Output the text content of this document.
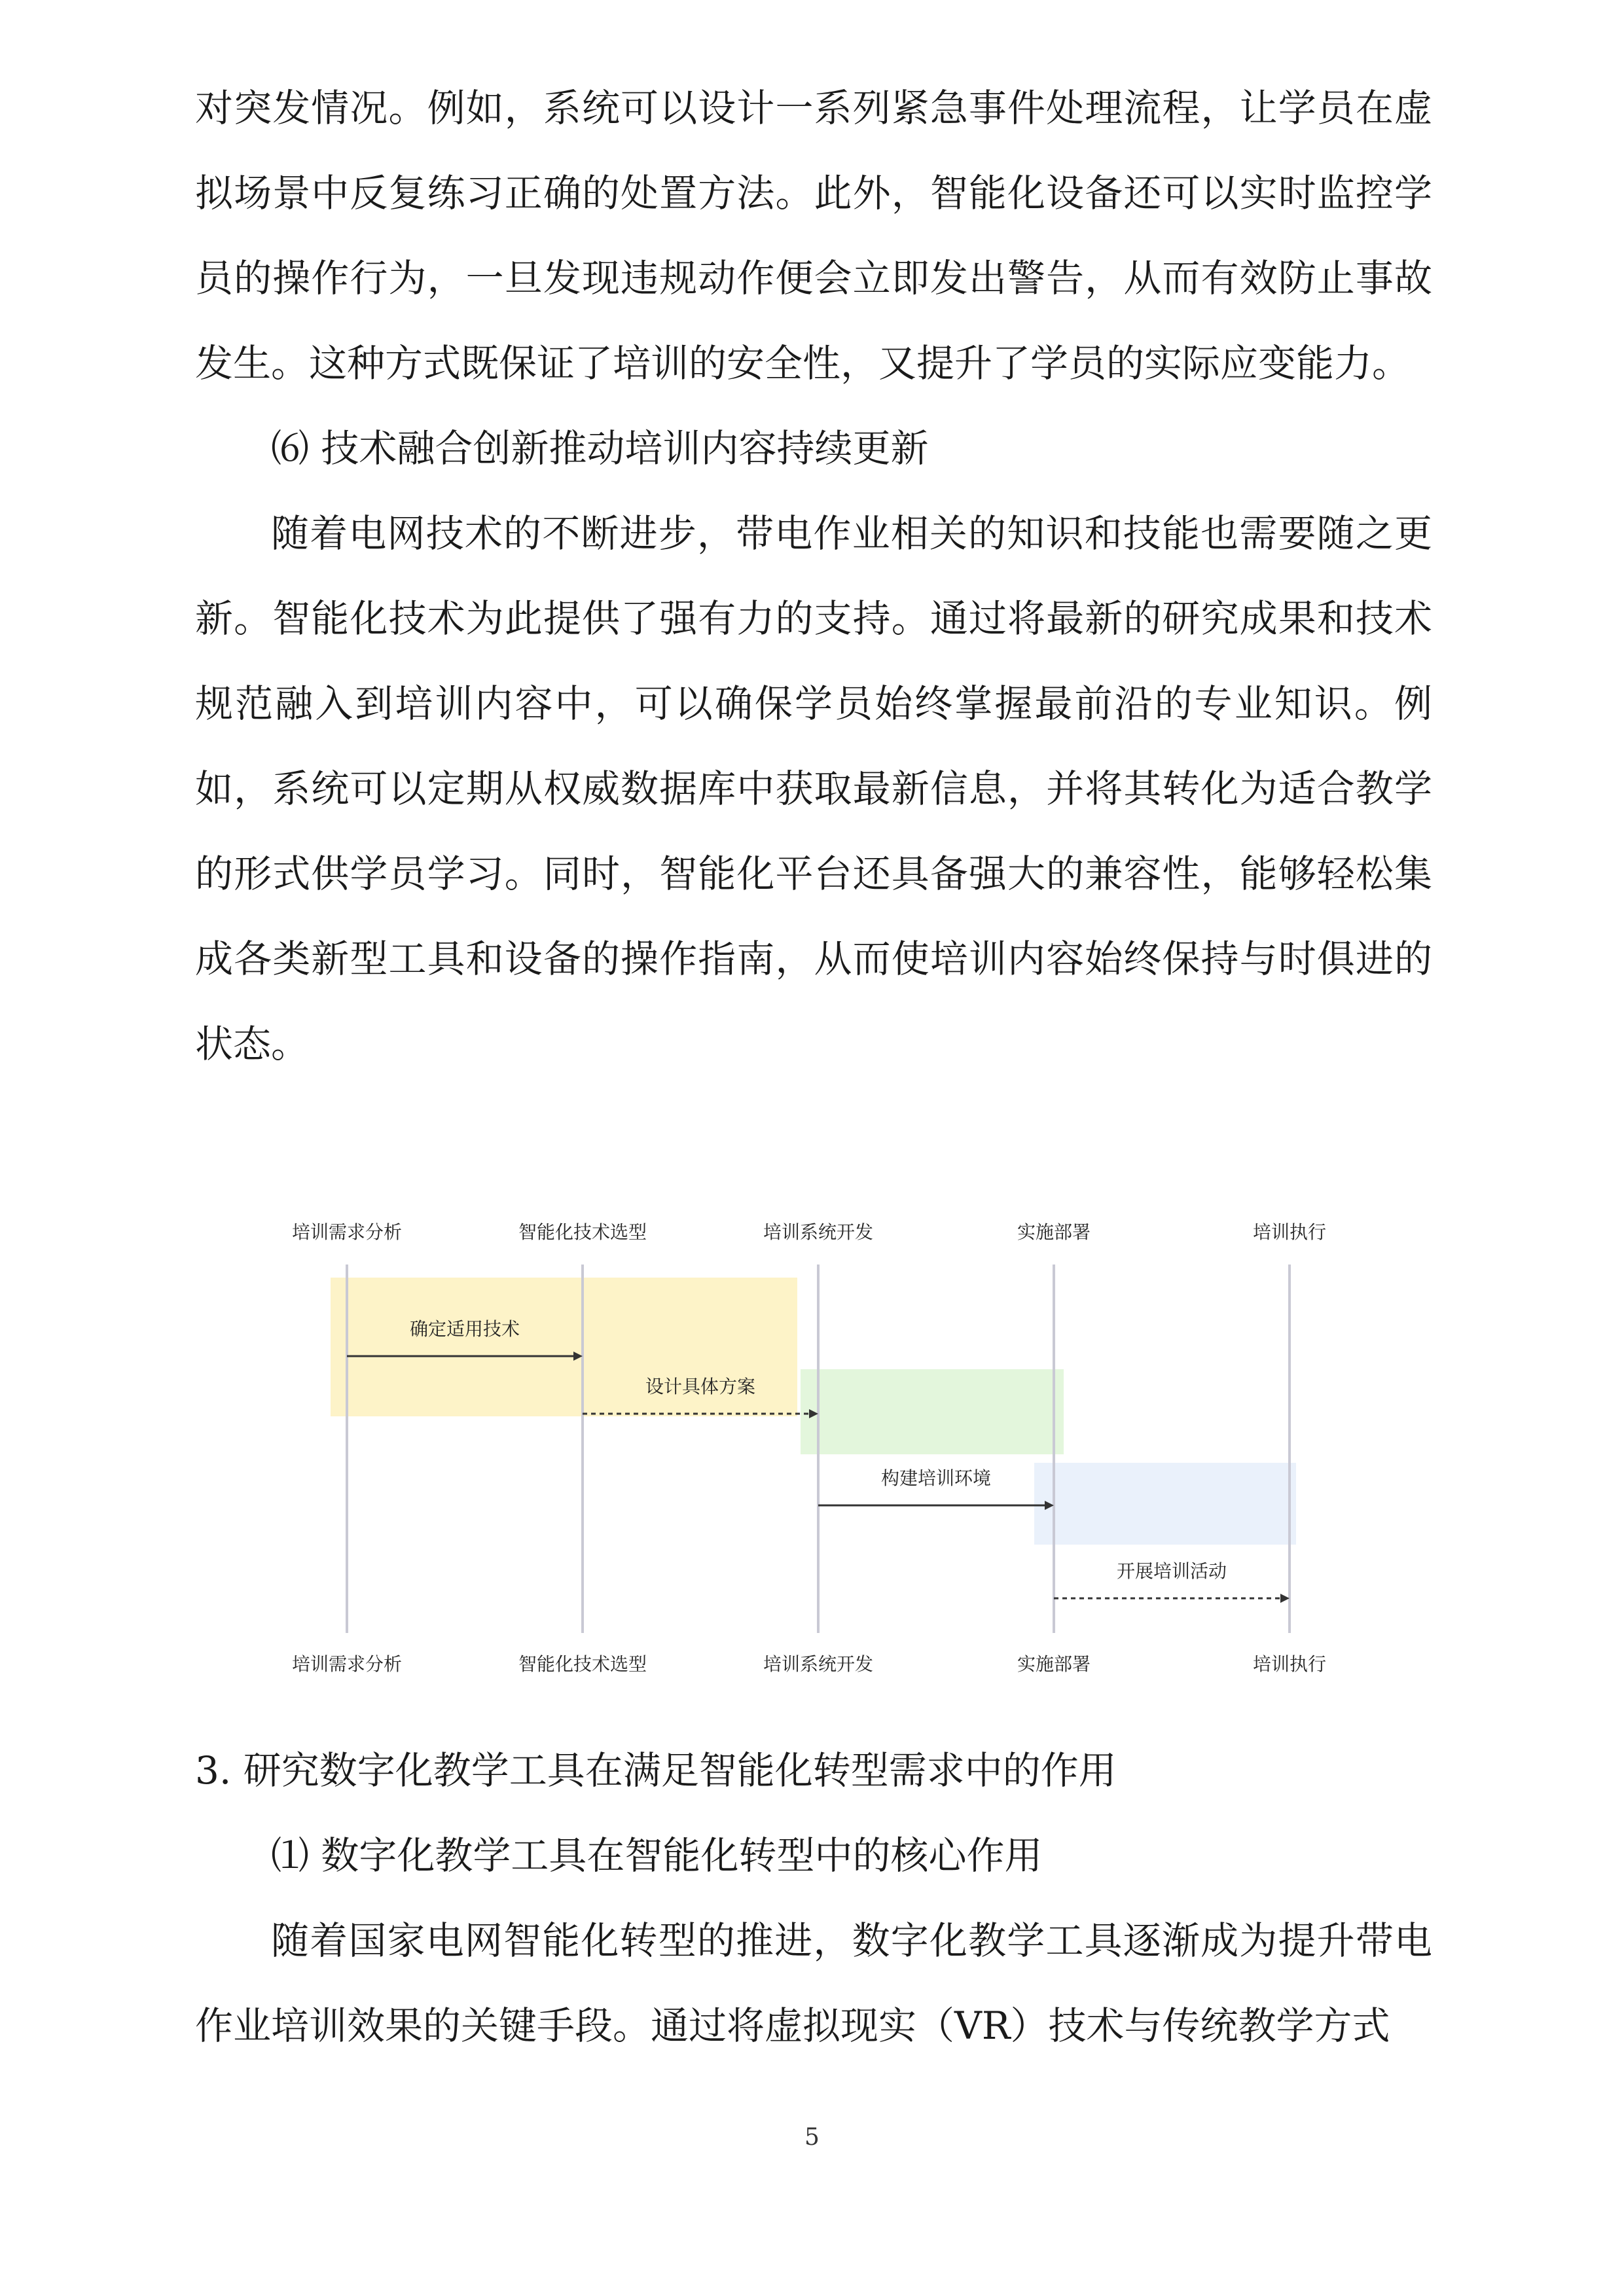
对突发情况。例如，系统可以设计一系列紧急事件处理流程，让学员在虚拟场景中反复练习正确的处置方法。此外，智能化设备还可以实时监控学员的操作行为，一旦发现违规动作便会立即发出警告，从而有效防止事故发生。这种方式既保证了培训的安全性，又提升了学员的实际应变能力。

⑹ 技术融合创新推动培训内容持续更新

随着电网技术的不断进步，带电作业相关的知识和技能也需要随之更新。智能化技术为此提供了强有力的支持。通过将最新的研究成果和技术规范融入到培训内容中，可以确保学员始终掌握最前沿的专业知识。例如，系统可以定期从权威数据库中获取最新信息，并将其转化为适合教学的形式供学员学习。同时，智能化平台还具备强大的兼容性，能够轻松集成各类新型工具和设备的操作指南，从而使培训内容始终保持与时俱进的状态。

培训需求分析	智能化技术选型	培训系统开发	实施部署	培训执行
确定适用技术
设计具体方案
构建培训环境
开展培训活动
培训需求分析	智能化技术选型	培训系统开发	实施部署	培训执行

3. 研究数字化教学工具在满足智能化转型需求中的作用

⑴ 数字化教学工具在智能化转型中的核心作用

随着国家电网智能化转型的推进，数字化教学工具逐渐成为提升带电作业培训效果的关键手段。通过将虚拟现实（VR）技术与传统教学方式

5
